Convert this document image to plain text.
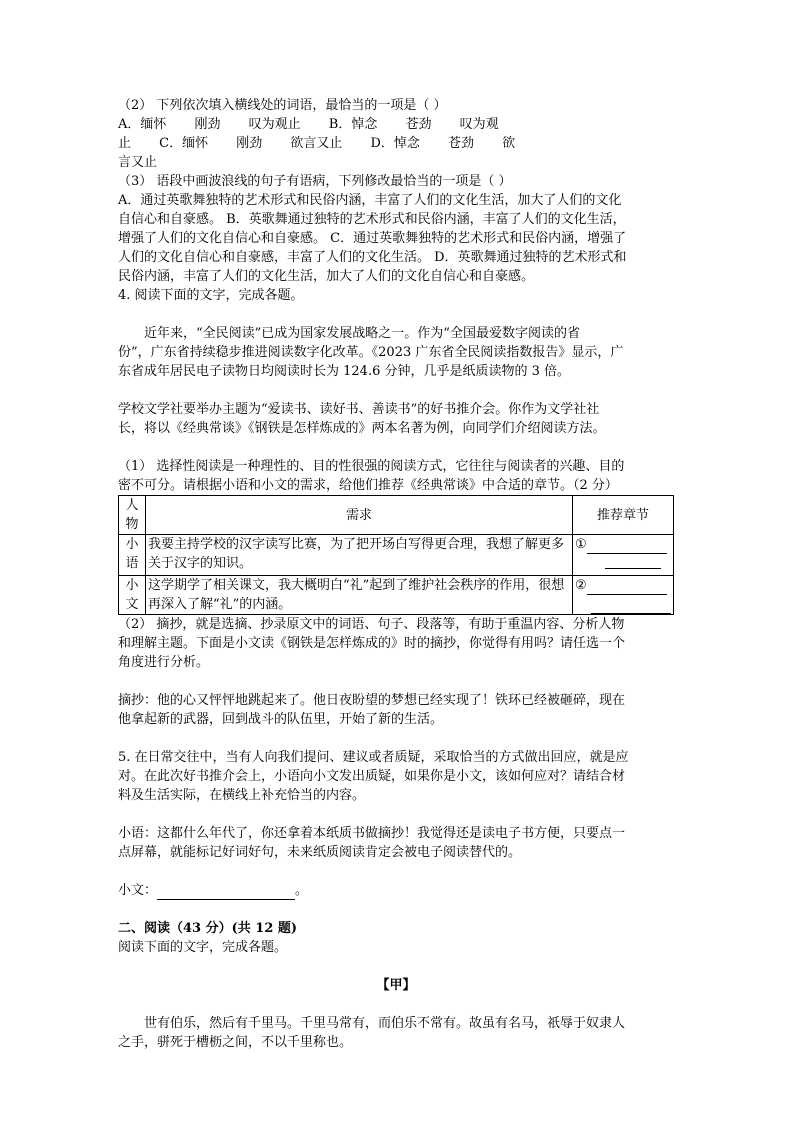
（2） 下列依次填入横线处的词语，最恰当的一项是（ ）
A．缅怀 刚劲 叹为观止 B．悼念 苍劲 叹为观
止 C．缅怀 刚劲 欲言又止 D．悼念 苍劲 欲
言又止
（3） 语段中画波浪线的句子有语病，下列修改最恰当的一项是（ ）
A．通过英歌舞独特的艺术形式和民俗内涵，丰富了人们的文化生活，加大了人们的文化
自信心和自豪感。 B．英歌舞通过独特的艺术形式和民俗内涵，丰富了人们的文化生活，
增强了人们的文化自信心和自豪感。 C．通过英歌舞独特的艺术形式和民俗内涵，增强了
人们的文化自信心和自豪感，丰富了人们的文化生活。 D．英歌舞通过独特的艺术形式和
民俗内涵，丰富了人们的文化生活，加大了人们的文化自信心和自豪感。
4. 阅读下面的文字，完成各题。
近年来，“全民阅读”已成为国家发展战略之一。作为“全国最爱数字阅读的省
份”，广东省持续稳步推进阅读数字化改革。《2023 广东省全民阅读指数报告》显示，广
东省成年居民电子读物日均阅读时长为 124.6 分钟，几乎是纸质读物的 3 倍。
学校文学社要举办主题为“爱读书、读好书、善读书”的好书推介会。你作为文学社社
长，将以《经典常谈》《钢铁是怎样炼成的》两本名著为例，向同学们介绍阅读方法。
（1） 选择性阅读是一种理性的、目的性很强的阅读方式，它往往与阅读者的兴趣、目的
密不可分。请根据小语和小文的需求，给他们推荐《经典常谈》中合适的章节。（2 分）
人
物	需求	推荐章节

小
语	我要主持学校的汉字读写比赛，为了把开场白写得更合理，我想了解更多关于汉字的知识。	①

小
文	这学期学了相关课文，我大概明白“礼”起到了维护社会秩序的作用，很想再深入了解“礼”的内涵。	②

（2） 摘抄，就是选摘、抄录原文中的词语、句子、段落等，有助于重温内容、分析人物
和理解主题。下面是小文读《钢铁是怎样炼成的》时的摘抄，你觉得有用吗？请任选一个
角度进行分析。
摘抄：他的心又怦怦地跳起来了。他日夜盼望的梦想已经实现了！铁环已经被砸碎，现在
他拿起新的武器，回到战斗的队伍里，开始了新的生活。
5. 在日常交往中，当有人向我们提问、建议或者质疑，采取恰当的方式做出回应，就是应
对。在此次好书推介会上，小语向小文发出质疑，如果你是小文，该如何应对？请结合材
料及生活实际，在横线上补充恰当的内容。
小语：这都什么年代了，你还拿着本纸质书做摘抄！我觉得还是读电子书方便，只要点一
点屏幕，就能标记好词好句，未来纸质阅读肯定会被电子阅读替代的。
小文：	。
二、阅读（43 分）(共 12 题)
阅读下面的文字，完成各题。
【甲】
世有伯乐，然后有千里马。千里马常有，而伯乐不常有。故虽有名马，祇辱于奴隶人
之手，骈死于槽枥之间，不以千里称也。
